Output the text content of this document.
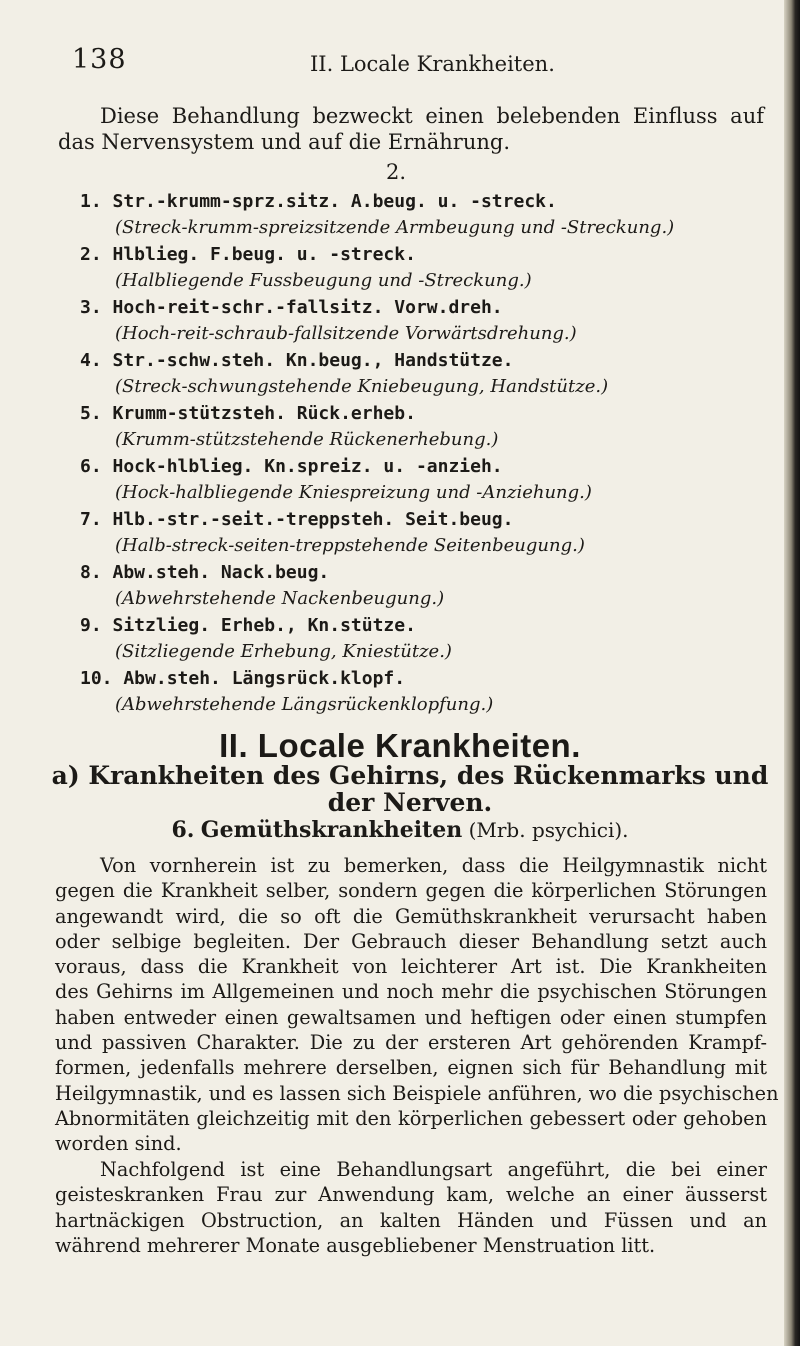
138	II. Locale Krankheiten.
Diese Behandlung bezweckt einen belebenden Einfluss auf
das Nervensystem und auf die Ernährung.
2.
1. Str.-krumm-sprz.sitz. A.beug. u. -streck.
(Streck-krumm-spreizsitzende Armbeugung und -Streckung.)
2. Hlblieg. F.beug. u. -streck.
(Halbliegende Fussbeugung und -Streckung.)
3. Hoch-reit-schr.-fallsitz. Vorw.dreh.
(Hoch-reit-schraub-fallsitzende Vorwärtsdrehung.)
4. Str.-schw.steh. Kn.beug., Handstütze.
(Streck-schwungstehende Kniebeugung, Handstütze.)
5. Krumm-stützsteh. Rück.erheb.
(Krumm-stützstehende Rückenerhebung.)
6. Hock-hlblieg. Kn.spreiz. u. -anzieh.
(Hock-halbliegende Kniespreizung und -Anziehung.)
7. Hlb.-str.-seit.-treppsteh. Seit.beug.
(Halb-streck-seiten-treppstehende Seitenbeugung.)
8. Abw.steh. Nack.beug.
(Abwehrstehende Nackenbeugung.)
9. Sitzlieg. Erheb., Kn.stütze.
(Sitzliegende Erhebung, Kniestütze.)
10. Abw.steh. Längsrück.klopf.
(Abwehrstehende Längsrückenklopfung.)
II. Locale Krankheiten.
a) Krankheiten des Gehirns, des Rückenmarks und
der Nerven.
6. Gemüthskrankheiten (Mrb. psychici).
Von vornherein ist zu bemerken, dass die Heilgymnastik nicht
gegen die Krankheit selber, sondern gegen die körperlichen Störungen
angewandt wird, die so oft die Gemüthskrankheit verursacht haben
oder selbige begleiten. Der Gebrauch dieser Behandlung setzt auch
voraus, dass die Krankheit von leichterer Art ist. Die Krankheiten
des Gehirns im Allgemeinen und noch mehr die psychischen Störungen
haben entweder einen gewaltsamen und heftigen oder einen stumpfen
und passiven Charakter. Die zu der ersteren Art gehörenden Krampf-
formen, jedenfalls mehrere derselben, eignen sich für Behandlung mit
Heilgymnastik, und es lassen sich Beispiele anführen, wo die psychischen
Abnormitäten gleichzeitig mit den körperlichen gebessert oder gehoben
worden sind.
Nachfolgend ist eine Behandlungsart angeführt, die bei einer
geisteskranken Frau zur Anwendung kam, welche an einer äusserst
hartnäckigen Obstruction, an kalten Händen und Füssen und an
während mehrerer Monate ausgebliebener Menstruation litt.
